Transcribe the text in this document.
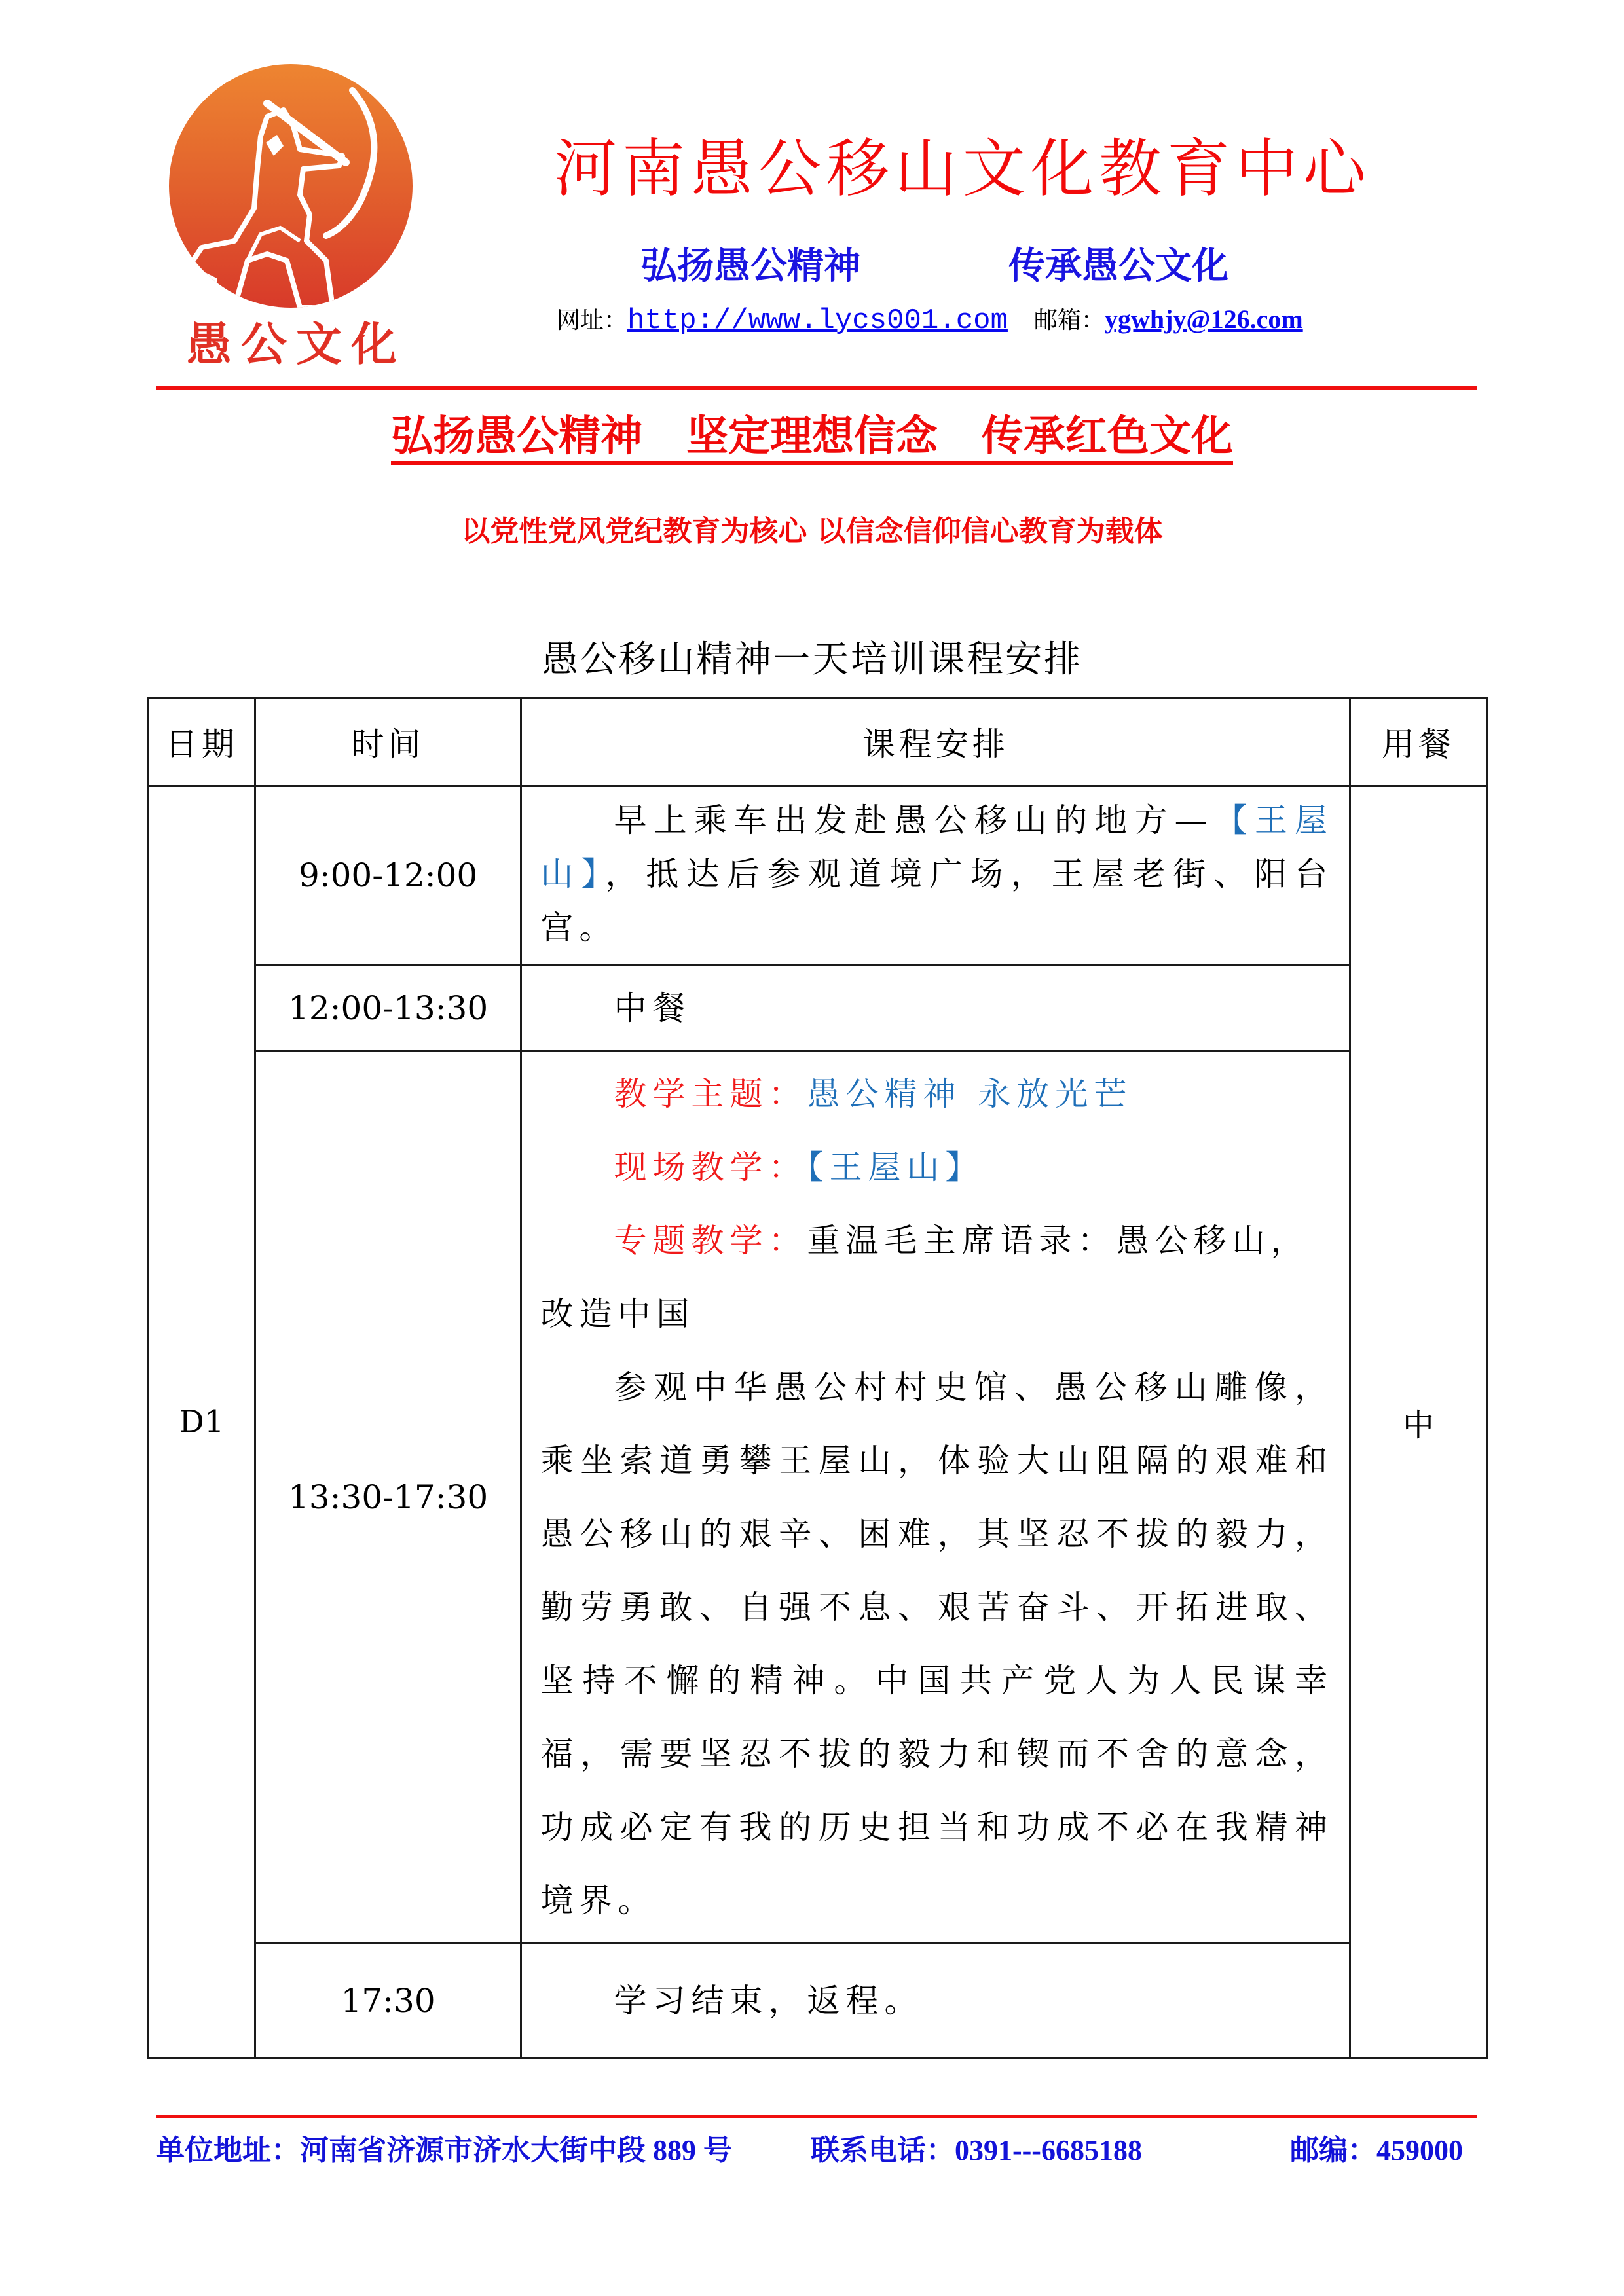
愚公文化
河南愚公移山文化教育中心
弘扬愚公精神	传承愚公文化
网址：http://www.lycs001.com 邮箱：ygwhjy@126.com
弘扬愚公精神   坚定理想信念   传承红色文化
以党性党风党纪教育为核心 以信念信仰信心教育为载体
愚公移山精神一天培训课程安排
日期	时间	课程安排	用餐
D1	9:00-12:00	早上乘车出发赴愚公移山的地方—【王屋山】，抵达后参观道境广场，王屋老街、阳台宫。	中
	12:00-13:30	中餐	

	13:30-17:30	教学主题：愚公精神 永放光芒

现场教学：【王屋山】

专题教学：重温毛主席语录：愚公移山，改造中国

参观中华愚公村村史馆、愚公移山雕像，乘坐索道勇攀王屋山，体验大山阻隔的艰难和愚公移山的艰辛、困难，其坚忍不拔的毅力，勤劳勇敢、自强不息、艰苦奋斗、开拓进取、坚持不懈的精神。中国共产党人为人民谋幸福，需要坚忍不拔的毅力和锲而不舍的意念，功成必定有我的历史担当和功成不必在我精神境界。	

	17:30	学习结束，返程。	

单位地址：河南省济源市济水大街中段 889 号	联系电话：0391---6685188	邮编：459000
